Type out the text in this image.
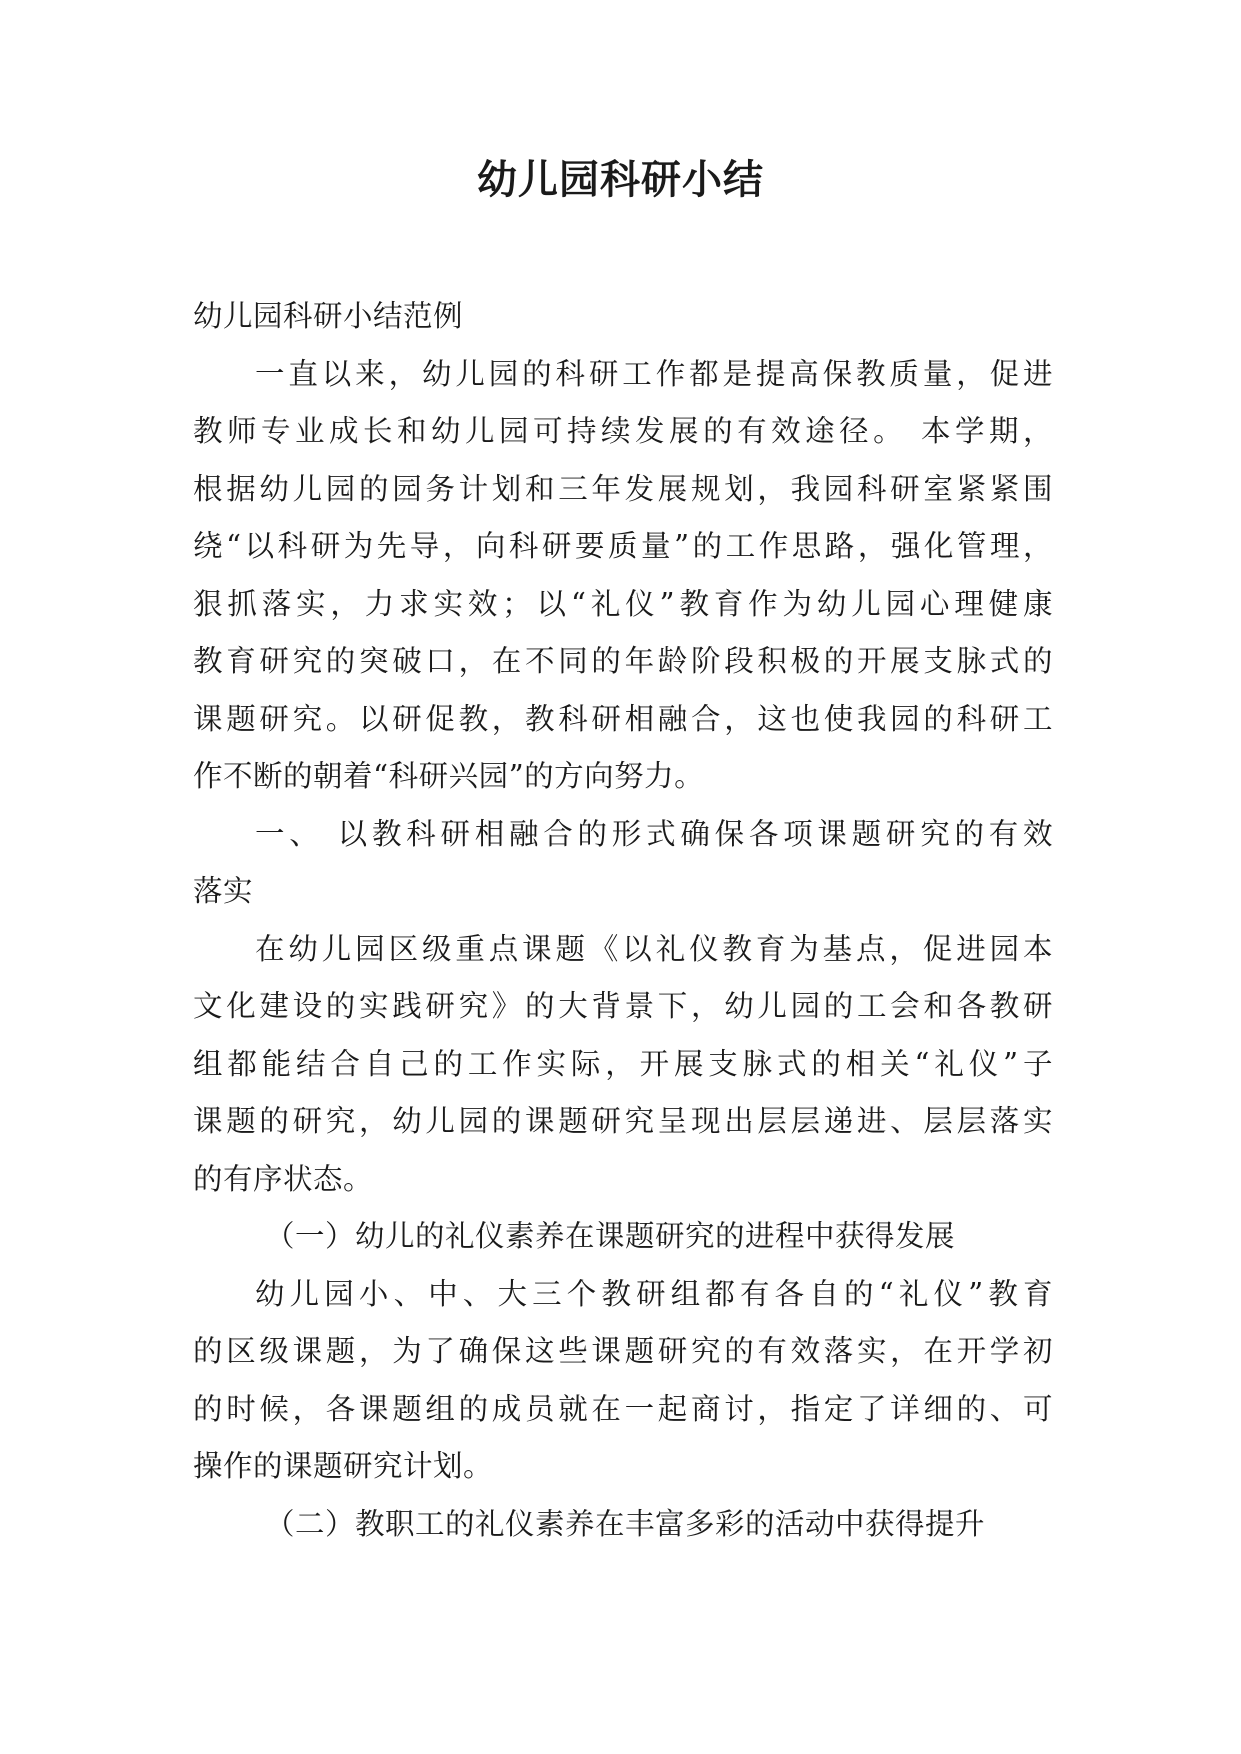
幼儿园科研小结
幼儿园科研小结范例
一直以来，幼儿园的科研工作都是提高保教质量，促进
教师专业成长和幼儿园可持续发展的有效途径。 本学期，
根据幼儿园的园务计划和三年发展规划，我园科研室紧紧围
绕“以科研为先导，向科研要质量”的工作思路，强化管理，
狠抓落实，力求实效；以“礼仪”教育作为幼儿园心理健康
教育研究的突破口，在不同的年龄阶段积极的开展支脉式的
课题研究。以研促教，教科研相融合，这也使我园的科研工
作不断的朝着“科研兴园”的方向努力。
一、 以教科研相融合的形式确保各项课题研究的有效
落实
在幼儿园区级重点课题《以礼仪教育为基点，促进园本
文化建设的实践研究》的大背景下，幼儿园的工会和各教研
组都能结合自己的工作实际，开展支脉式的相关“礼仪”子
课题的研究，幼儿园的课题研究呈现出层层递进、层层落实
的有序状态。
（一）幼儿的礼仪素养在课题研究的进程中获得发展
幼儿园小、中、大三个教研组都有各自的“礼仪”教育
的区级课题，为了确保这些课题研究的有效落实，在开学初
的时候，各课题组的成员就在一起商讨，指定了详细的、可
操作的课题研究计划。
（二）教职工的礼仪素养在丰富多彩的活动中获得提升
